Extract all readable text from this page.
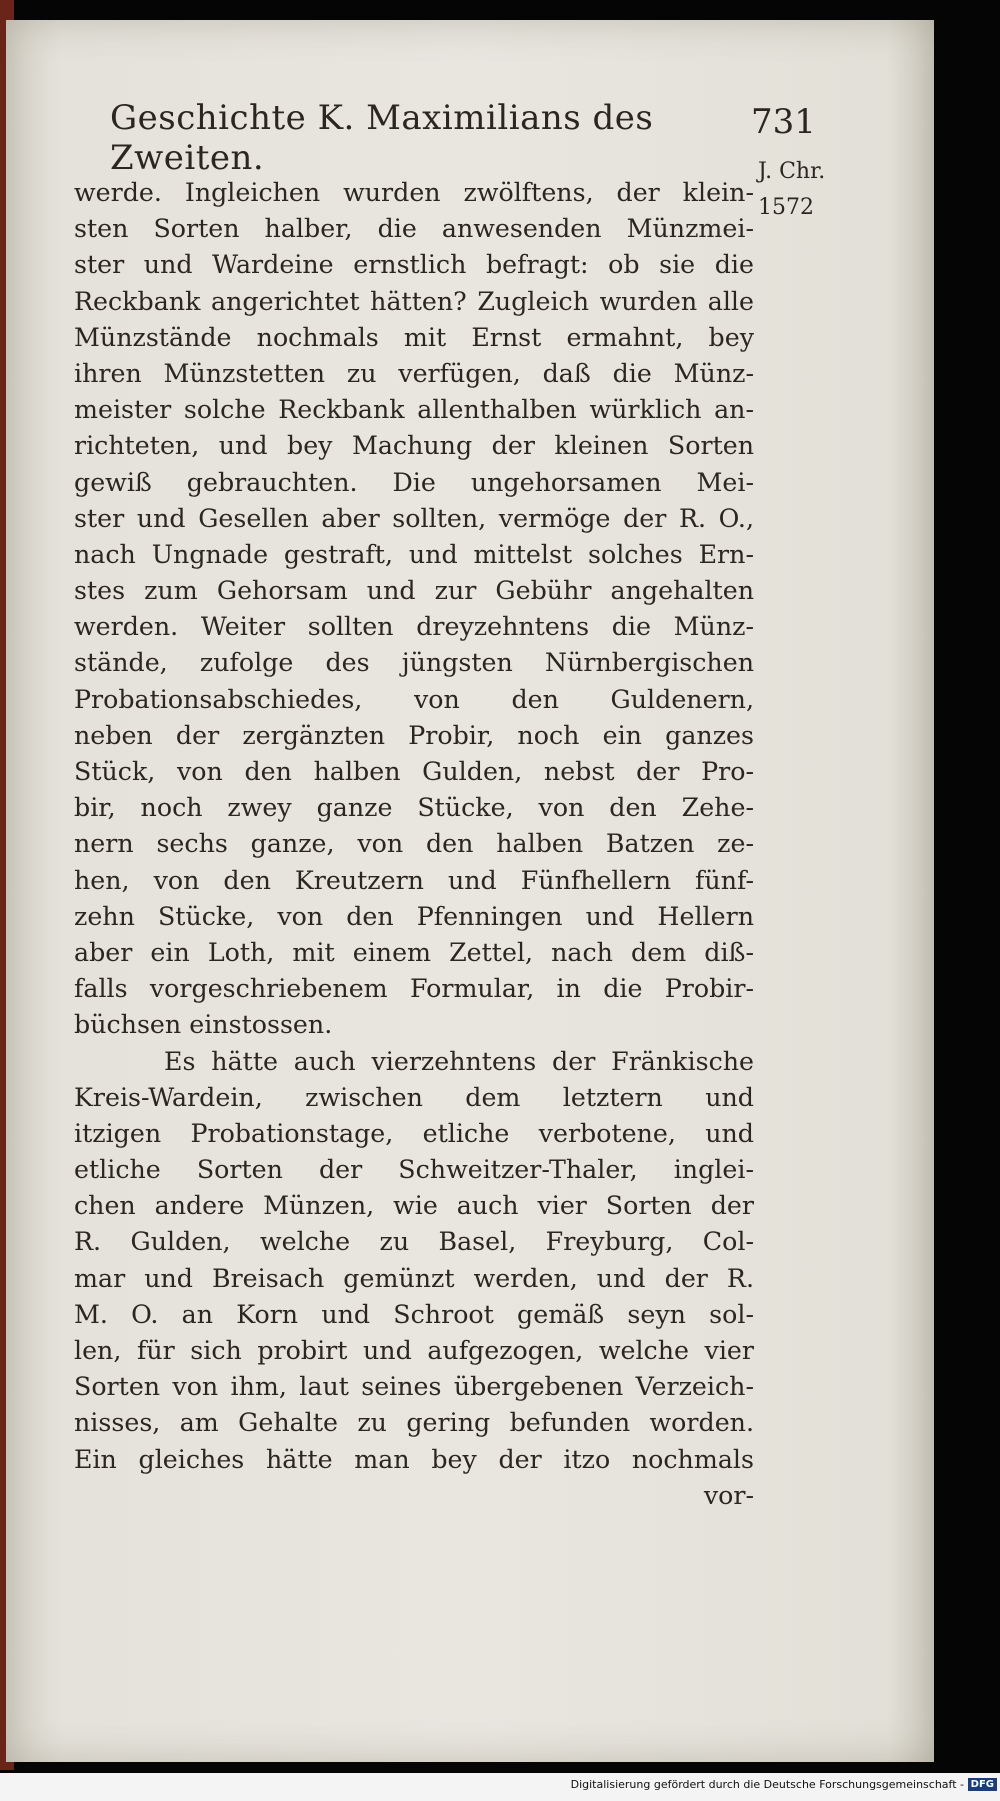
Geschichte K. Maximilians des Zweiten.
731
J. Chr.
1572
werde. Ingleichen wurden zwölftens, der klein-
sten Sorten halber, die anwesenden Münzmei-
ster und Wardeine ernstlich befragt: ob sie die
Reckbank angerichtet hätten? Zugleich wurden alle
Münzstände nochmals mit Ernst ermahnt, bey
ihren Münzstetten zu verfügen, daß die Münz-
meister solche Reckbank allenthalben würklich an-
richteten, und bey Machung der kleinen Sorten
gewiß gebrauchten. Die ungehorsamen Mei-
ster und Gesellen aber sollten, vermöge der R. O.,
nach Ungnade gestraft, und mittelst solches Ern-
stes zum Gehorsam und zur Gebühr angehalten
werden. Weiter sollten dreyzehntens die Münz-
stände, zufolge des jüngsten Nürnbergischen
Probationsabschiedes, von den Guldenern,
neben der zergänzten Probir, noch ein ganzes
Stück, von den halben Gulden, nebst der Pro-
bir, noch zwey ganze Stücke, von den Zehe-
nern sechs ganze, von den halben Batzen ze-
hen, von den Kreutzern und Fünfhellern fünf-
zehn Stücke, von den Pfenningen und Hellern
aber ein Loth, mit einem Zettel, nach dem diß-
falls vorgeschriebenem Formular, in die Probir-
büchsen einstossen.
Es hätte auch vierzehntens der Fränkische
Kreis-Wardein, zwischen dem letztern und
itzigen Probationstage, etliche verbotene, und
etliche Sorten der Schweitzer-Thaler, inglei-
chen andere Münzen, wie auch vier Sorten der
R. Gulden, welche zu Basel, Freyburg, Col-
mar und Breisach gemünzt werden, und der R.
M. O. an Korn und Schroot gemäß seyn sol-
len, für sich probirt und aufgezogen, welche vier
Sorten von ihm, laut seines übergebenen Verzeich-
nisses, am Gehalte zu gering befunden worden.
Ein gleiches hätte man bey der itzo nochmals
vor-
Digitalisierung gefördert durch die Deutsche Forschungsgemeinschaft - DFG
